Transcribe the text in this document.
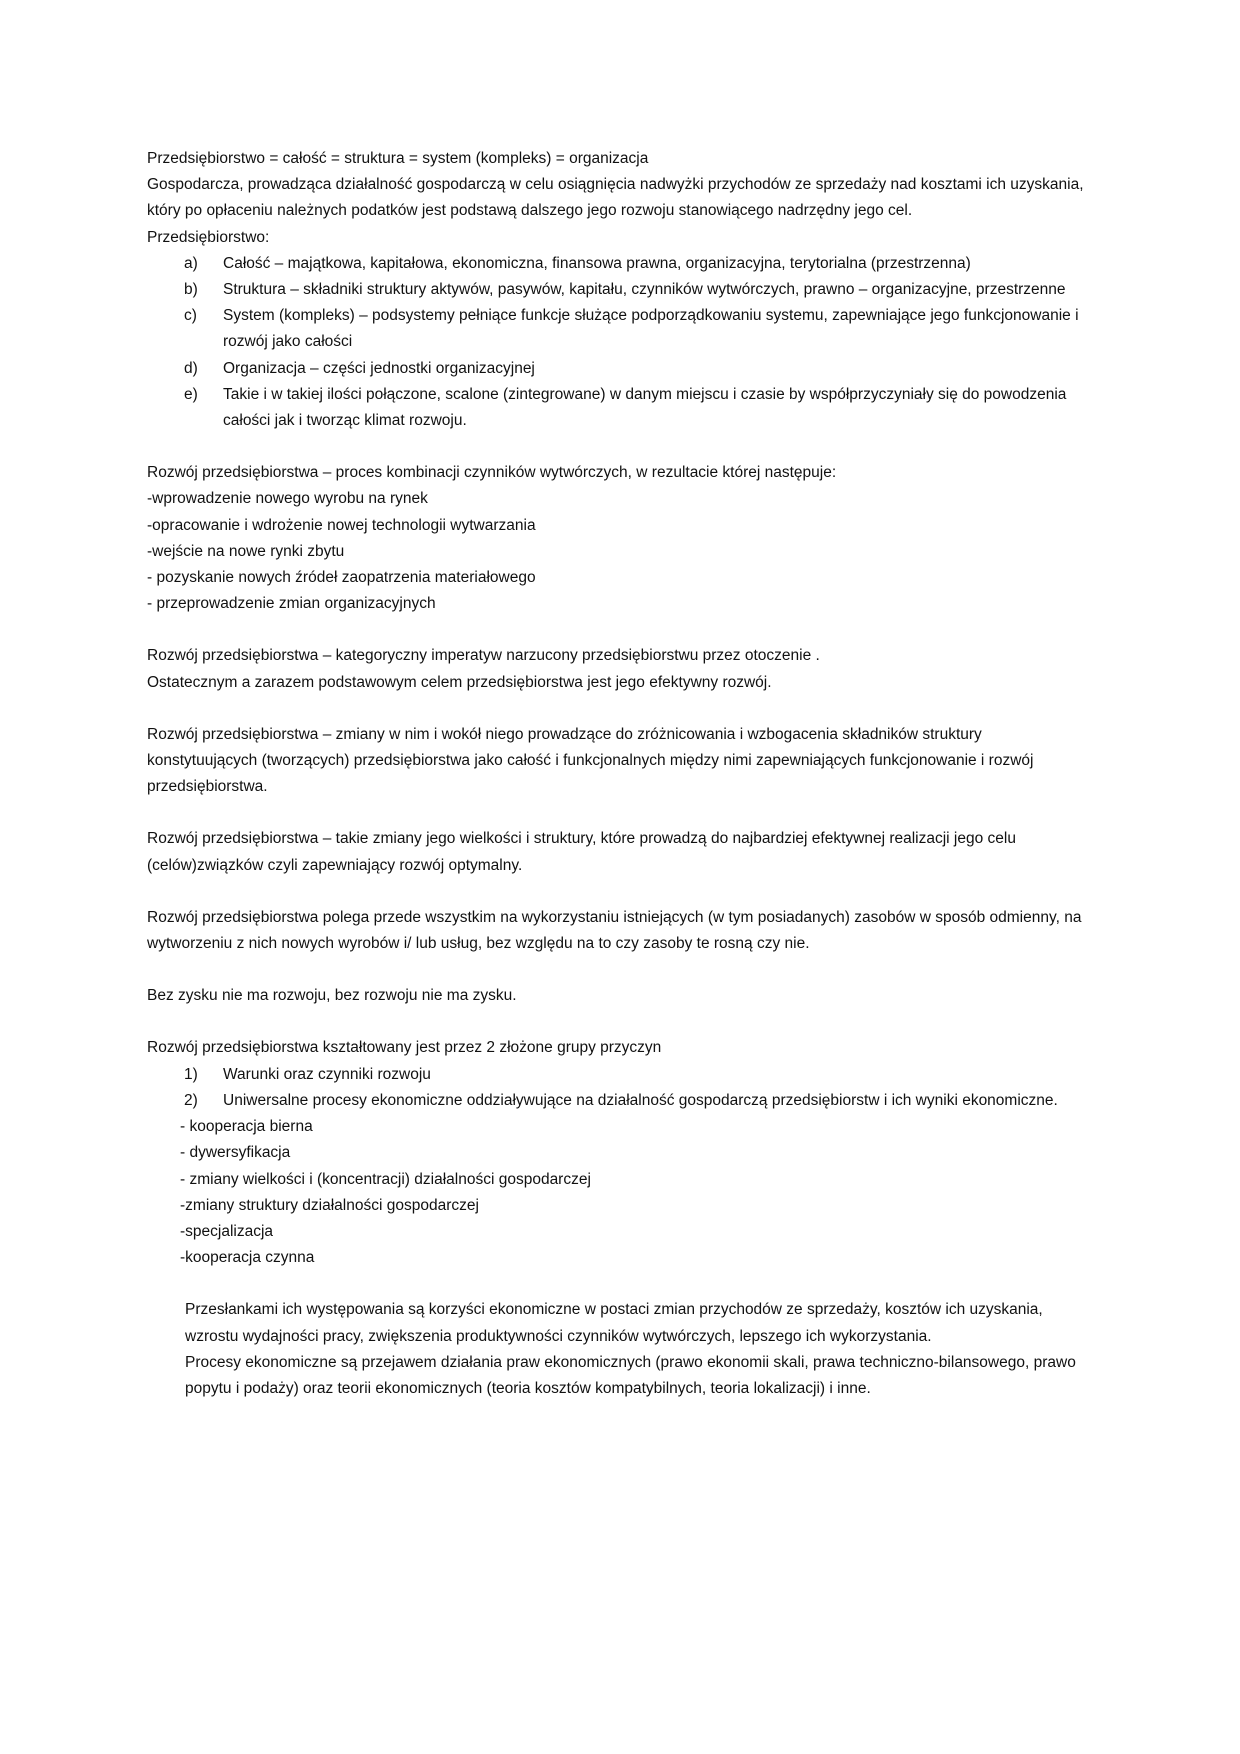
Przedsiębiorstwo = całość = struktura = system (kompleks) = organizacja

Gospodarcza, prowadząca działalność gospodarczą w celu osiągnięcia nadwyżki przychodów ze sprzedaży nad kosztami ich uzyskania, który po opłaceniu należnych podatków jest podstawą dalszego jego rozwoju stanowiącego nadrzędny jego cel.

Przedsiębiorstwo:

a) Całość – majątkowa, kapitałowa, ekonomiczna, finansowa prawna, organizacyjna, terytorialna (przestrzenna)
b) Struktura – składniki struktury aktywów, pasywów, kapitału, czynników wytwórczych, prawno – organizacyjne, przestrzenne
c) System (kompleks) – podsystemy pełniące funkcje służące podporządkowaniu systemu, zapewniające jego funkcjonowanie i rozwój jako całości
d) Organizacja – części jednostki organizacyjnej
e) Takie i w takiej ilości połączone, scalone (zintegrowane) w danym miejscu i czasie by współprzyczyniały się do powodzenia całości jak i tworząc klimat rozwoju.

Rozwój przedsiębiorstwa – proces kombinacji czynników wytwórczych, w rezultacie której następuje:

-wprowadzenie nowego wyrobu na rynek

-opracowanie i wdrożenie nowej technologii wytwarzania

-wejście na nowe rynki zbytu

- pozyskanie nowych źródeł zaopatrzenia materiałowego

- przeprowadzenie zmian organizacyjnych

Rozwój przedsiębiorstwa – kategoryczny imperatyw narzucony przedsiębiorstwu przez otoczenie .

Ostatecznym a zarazem podstawowym celem przedsiębiorstwa jest jego efektywny rozwój.

Rozwój przedsiębiorstwa – zmiany w nim i wokół niego prowadzące do zróżnicowania i wzbogacenia składników struktury konstytuujących (tworzących) przedsiębiorstwa jako całość i funkcjonalnych między nimi zapewniających funkcjonowanie i rozwój przedsiębiorstwa.

Rozwój przedsiębiorstwa – takie zmiany jego wielkości i struktury, które prowadzą do najbardziej efektywnej realizacji jego celu (celów)związków czyli zapewniający rozwój optymalny.

Rozwój przedsiębiorstwa polega przede wszystkim na wykorzystaniu istniejących (w tym posiadanych) zasobów w sposób odmienny, na wytworzeniu z nich nowych wyrobów i/ lub usług, bez względu na to czy zasoby te rosną czy nie.

Bez zysku nie ma rozwoju, bez rozwoju nie ma zysku.

Rozwój przedsiębiorstwa kształtowany jest przez 2 złożone grupy przyczyn

1) Warunki oraz czynniki rozwoju
2) Uniwersalne procesy ekonomiczne oddziaływujące na działalność gospodarczą przedsiębiorstw i ich wyniki ekonomiczne.

- kooperacja bierna

- dywersyfikacja

- zmiany wielkości i (koncentracji) działalności gospodarczej

-zmiany struktury działalności gospodarczej

-specjalizacja

-kooperacja czynna

Przesłankami ich występowania są korzyści ekonomiczne w postaci zmian przychodów ze sprzedaży, kosztów ich uzyskania, wzrostu wydajności pracy, zwiększenia produktywności czynników wytwórczych, lepszego ich wykorzystania.

Procesy ekonomiczne są przejawem działania praw ekonomicznych (prawo ekonomii skali, prawa techniczno-bilansowego, prawo popytu i podaży) oraz teorii ekonomicznych (teoria kosztów kompatybilnych, teoria lokalizacji) i inne.
